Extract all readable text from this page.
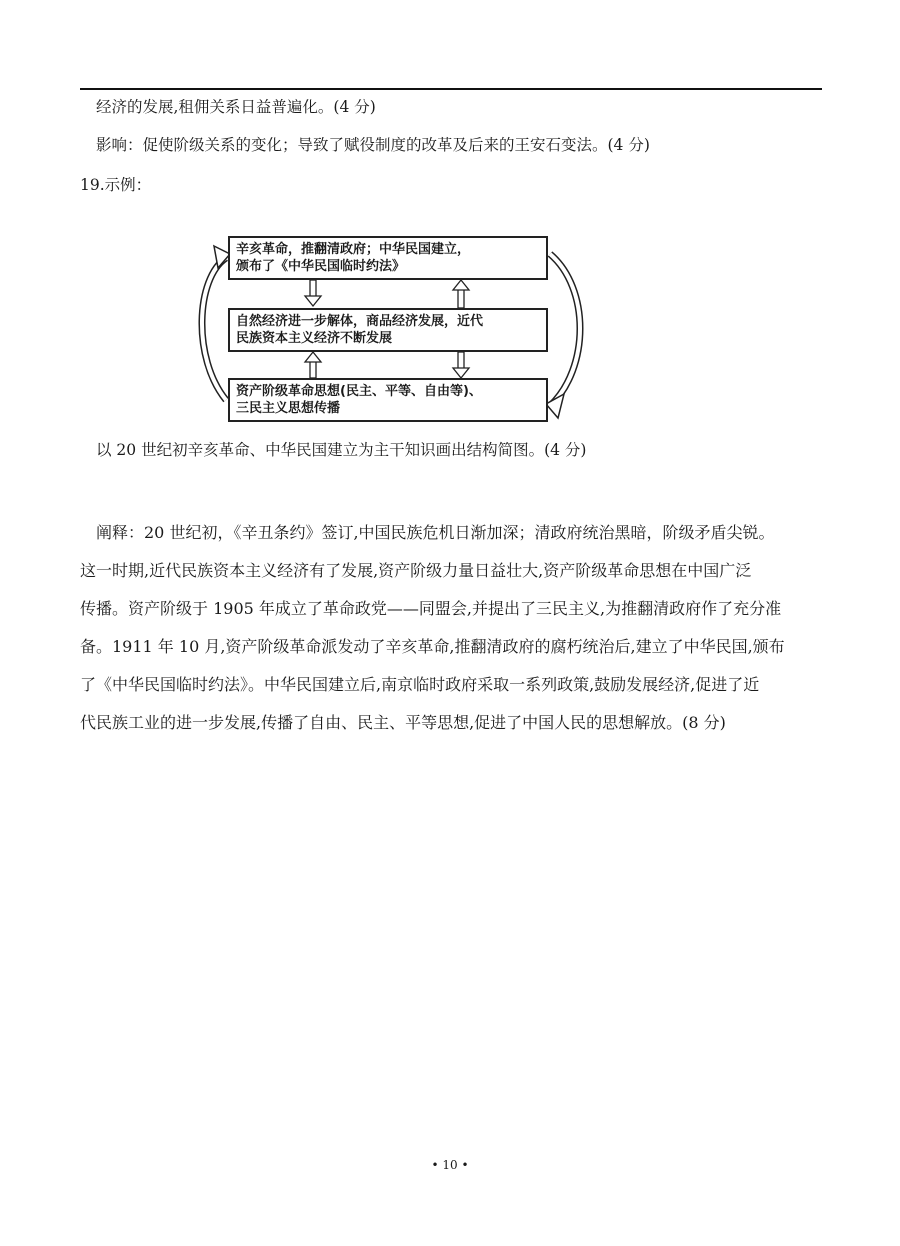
经济的发展,租佣关系日益普遍化。(4 分)
影响：促使阶级关系的变化；导致了赋役制度的改革及后来的王安石变法。(4 分)
19.示例：
辛亥革命，推翻清政府；中华民国建立，
颁布了《中华民国临时约法》
自然经济进一步解体，商品经济发展，近代
民族资本主义经济不断发展
资产阶级革命思想(民主、平等、自由等)、
三民主义思想传播
以 20 世纪初辛亥革命、中华民国建立为主干知识画出结构简图。(4 分)
阐释：20 世纪初，《辛丑条约》签订,中国民族危机日渐加深；清政府统治黑暗，阶级矛盾尖锐。
这一时期,近代民族资本主义经济有了发展,资产阶级力量日益壮大,资产阶级革命思想在中国广泛
传播。资产阶级于 1905 年成立了革命政党——同盟会,并提出了三民主义,为推翻清政府作了充分准
备。1911 年 10 月,资产阶级革命派发动了辛亥革命,推翻清政府的腐朽统治后,建立了中华民国,颁布
了《中华民国临时约法》。中华民国建立后,南京临时政府采取一系列政策,鼓励发展经济,促进了近
代民族工业的进一步发展,传播了自由、民主、平等思想,促进了中国人民的思想解放。(8 分)
• 10 •
